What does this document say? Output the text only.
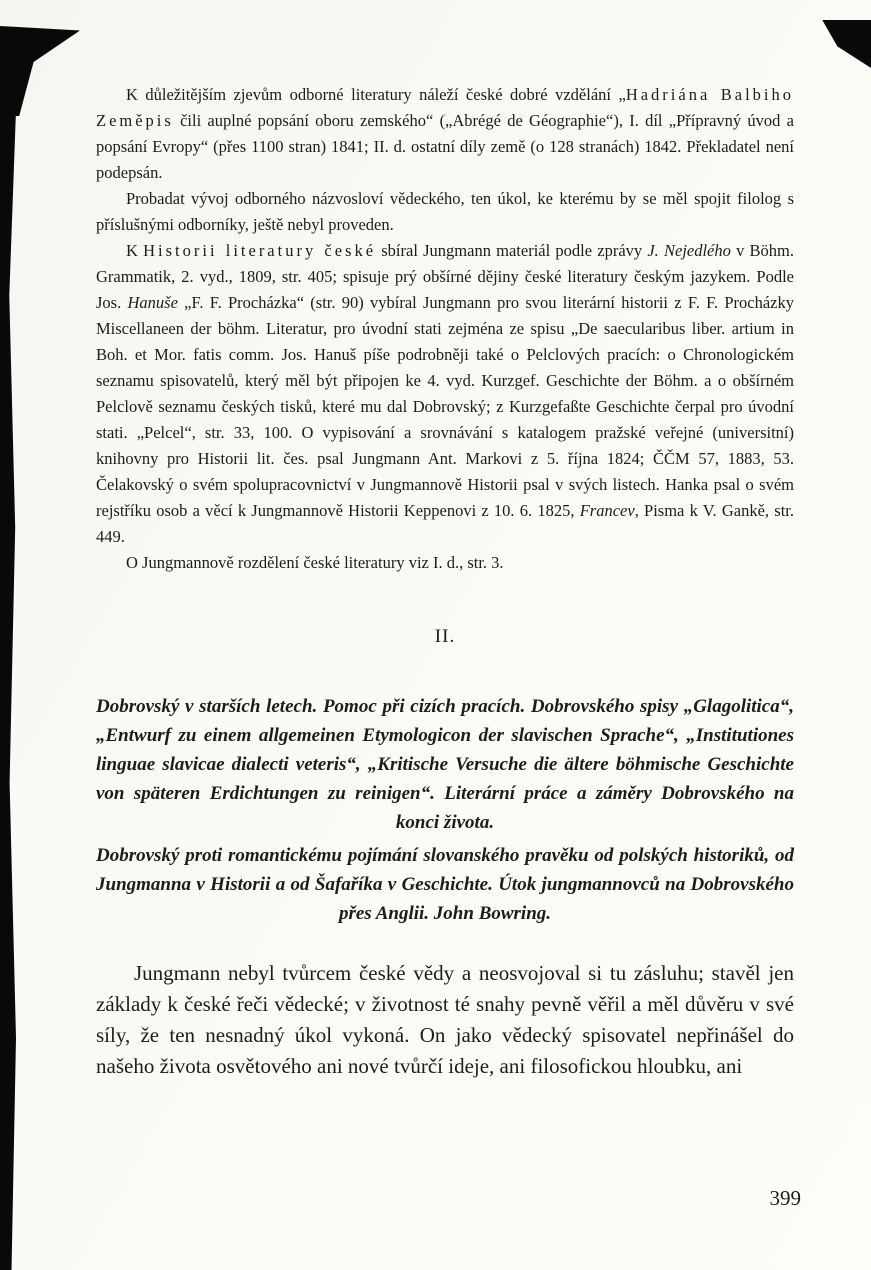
K důležitějším zjevům odborné literatury náleží české dobré vzdělání „Hadriána Balbiho Zeměpis čili auplné popsání oboru zemského“ („Abrégé de Géographie“), I. díl „Přípravný úvod a popsání Evropy“ (přes 1100 stran) 1841; II. d. ostatní díly země (o 128 stranách) 1842. Překladatel není podepsán.

Probadat vývoj odborného názvosloví vědeckého, ten úkol, ke kterému by se měl spojit filolog s příslušnými odborníky, ještě nebyl proveden.

K Historii literatury české sbíral Jungmann materiál podle zprávy J. Nejedlého v Böhm. Grammatik, 2. vyd., 1809, str. 405; spisuje prý obšírné dějiny české literatury českým jazykem. Podle Jos. Hanuše „F. F. Procházka“ (str. 90) vybíral Jungmann pro svou literární historii z F. F. Procházky Miscellaneen der böhm. Literatur, pro úvodní stati zejména ze spisu „De saecularibus liber. artium in Boh. et Mor. fatis comm. Jos. Hanuš píše podrobněji také o Pelclových pracích: o Chronologickém seznamu spisovatelů, který měl být připojen ke 4. vyd. Kurzgef. Geschichte der Böhm. a o obšírném Pelclově seznamu českých tisků, které mu dal Dobrovský; z Kurzgefaßte Geschichte čerpal pro úvodní stati. „Pelcel“, str. 33, 100. O vypisování a srovnávání s katalogem pražské veřejné (universitní) knihovny pro Historii lit. čes. psal Jungmann Ant. Markovi z 5. října 1824; ČČM 57, 1883, 53. Čelakovský o svém spolupracovnictví v Jungmannově Historii psal v svých listech. Hanka psal o svém rejstříku osob a věcí k Jungmannově Historii Keppenovi z 10. 6. 1825, Francev, Pisma k V. Gankě, str. 449.

O Jungmannově rozdělení české literatury viz I. d., str. 3.

II.

Dobrovský v starších letech. Pomoc při cizích pracích. Dobrovského spisy „Glagolitica“, „Entwurf zu einem allgemeinen Etymologicon der slavischen Sprache“, „Institutiones linguae slavicae dialecti veteris“, „Kritische Versuche die ältere böhmische Geschichte von späteren Erdichtungen zu reinigen“. Literární práce a záměry Dobrovského na konci života.

Dobrovský proti romantickému pojímání slovanského pravěku od polských historiků, od Jungmanna v Historii a od Šafaříka v Geschichte. Útok jungmannovců na Dobrovského přes Anglii. John Bowring.

Jungmann nebyl tvůrcem české vědy a neosvojoval si tu zásluhu; stavěl jen základy k české řeči vědecké; v životnost té snahy pevně věřil a měl důvěru v své síly, že ten nesnadný úkol vykoná. On jako vědecký spisovatel nepřinášel do našeho života osvětového ani nové tvůrčí ideje, ani filosofickou hloubku, ani

399
